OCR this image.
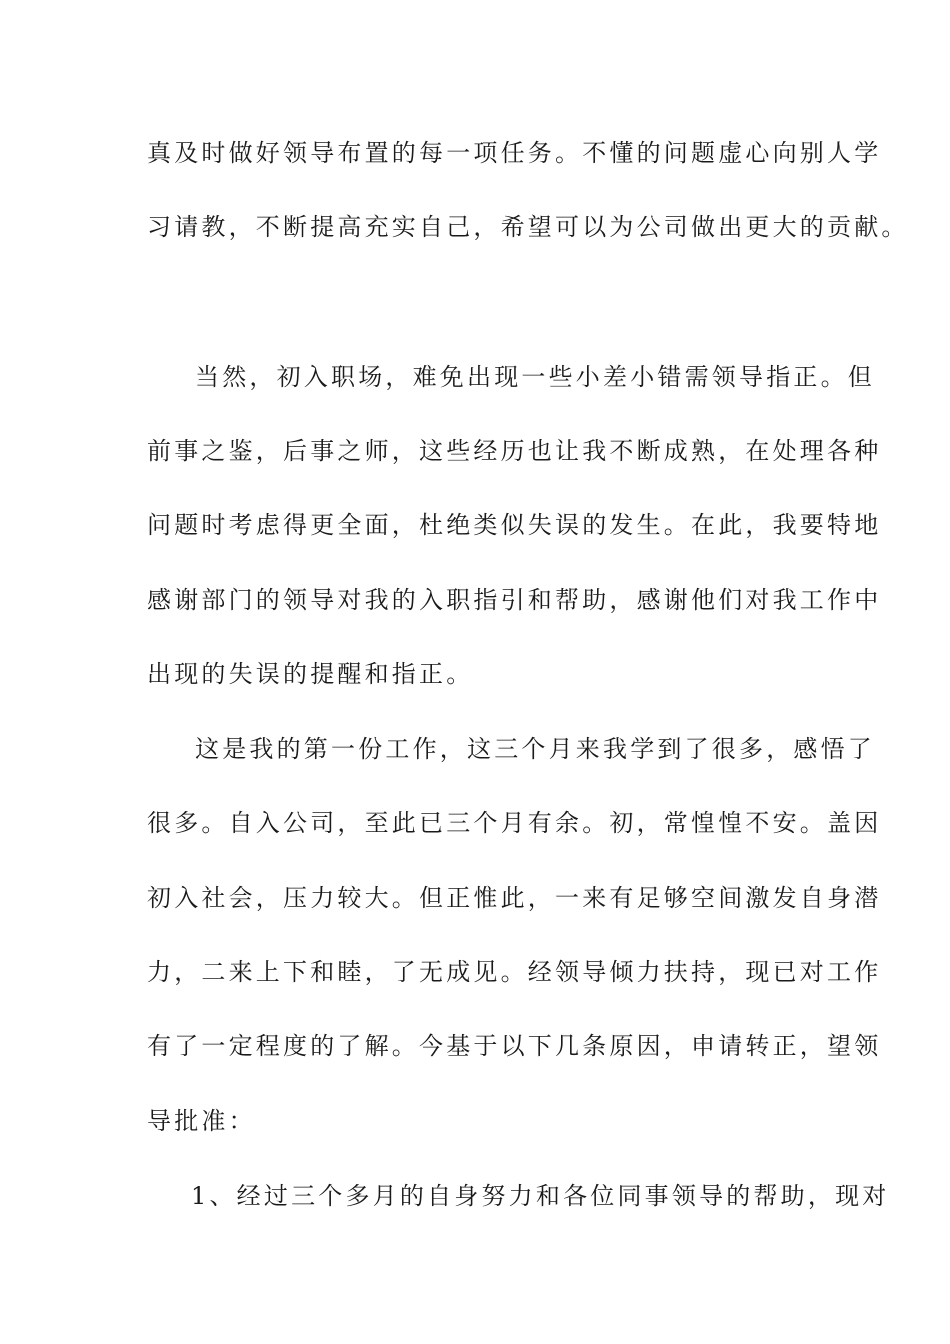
真及时做好领导布置的每一项任务。不懂的问题虚心向别人学
习请教，不断提高充实自己，希望可以为公司做出更大的贡献。
当然，初入职场，难免出现一些小差小错需领导指正。但
前事之鉴，后事之师，这些经历也让我不断成熟，在处理各种
问题时考虑得更全面，杜绝类似失误的发生。在此，我要特地
感谢部门的领导对我的入职指引和帮助，感谢他们对我工作中
出现的失误的提醒和指正。
这是我的第一份工作，这三个月来我学到了很多，感悟了
很多。自入公司，至此已三个月有余。初，常惶惶不安。盖因
初入社会，压力较大。但正惟此，一来有足够空间激发自身潜
力，二来上下和睦，了无成见。经领导倾力扶持，现已对工作
有了一定程度的了解。今基于以下几条原因，申请转正，望领
导批准：
1、经过三个多月的自身努力和各位同事领导的帮助，现对
